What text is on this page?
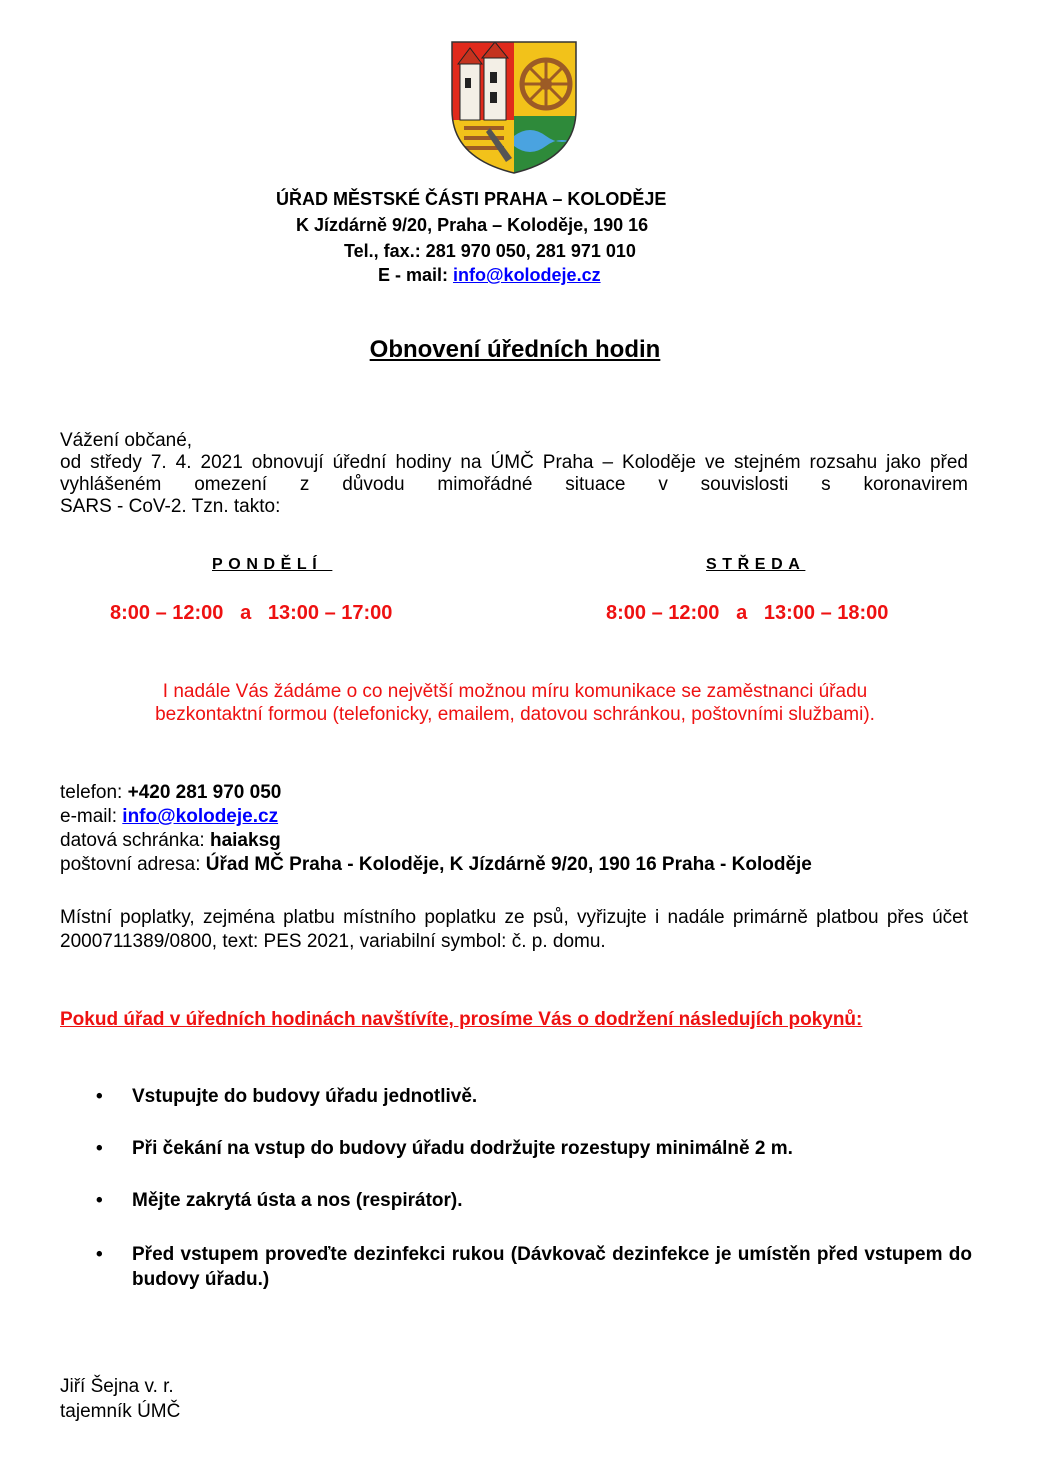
ÚŘAD MĚSTSKÉ ČÁSTI PRAHA – KOLODĚJE
K Jízdárně 9/20, Praha – Koloděje, 190 16
Tel., fax.: 281 970 050, 281 971 010
E - mail: info@kolodeje.cz
Obnovení úředních hodin
Vážení občané,
od středy 7. 4. 2021 obnovují úřední hodiny na ÚMČ Praha – Koloděje ve stejném rozsahu jako před vyhlášeném omezení z důvodu mimořádné situace v souvislosti s koronavirem
SARS - CoV-2. Tzn. takto:
PONDĚLÍ	STŘEDA
8:00 – 12:00   a   13:00 – 17:00	8:00 – 12:00   a   13:00 – 18:00
I nadále Vás žádáme o co největší možnou míru komunikace se zaměstnanci úřadu
bezkontaktní formou (telefonicky, emailem, datovou schránkou, poštovními službami).
telefon: +420 281 970 050
e-mail: info@kolodeje.cz
datová schránka: haiaksg
poštovní adresa: Úřad MČ Praha - Koloděje, K Jízdárně 9/20, 190 16 Praha - Koloděje
Místní poplatky, zejména platbu místního poplatku ze psů, vyřizujte i nadále primárně platbou přes účet 2000711389/0800, text: PES 2021, variabilní symbol: č. p. domu.
Pokud úřad v úředních hodinách navštívíte, prosíme Vás o dodržení následujích pokynů:
• Vstupujte do budovy úřadu jednotlivě.
• Při čekání na vstup do budovy úřadu dodržujte rozestupy minimálně 2 m.
• Mějte zakrytá ústa a nos (respirátor).
• Před vstupem proveďte dezinfekci rukou (Dávkovač dezinfekce je umístěn před vstupem do budovy úřadu.)
Jiří Šejna v. r.
tajemník ÚMČ
